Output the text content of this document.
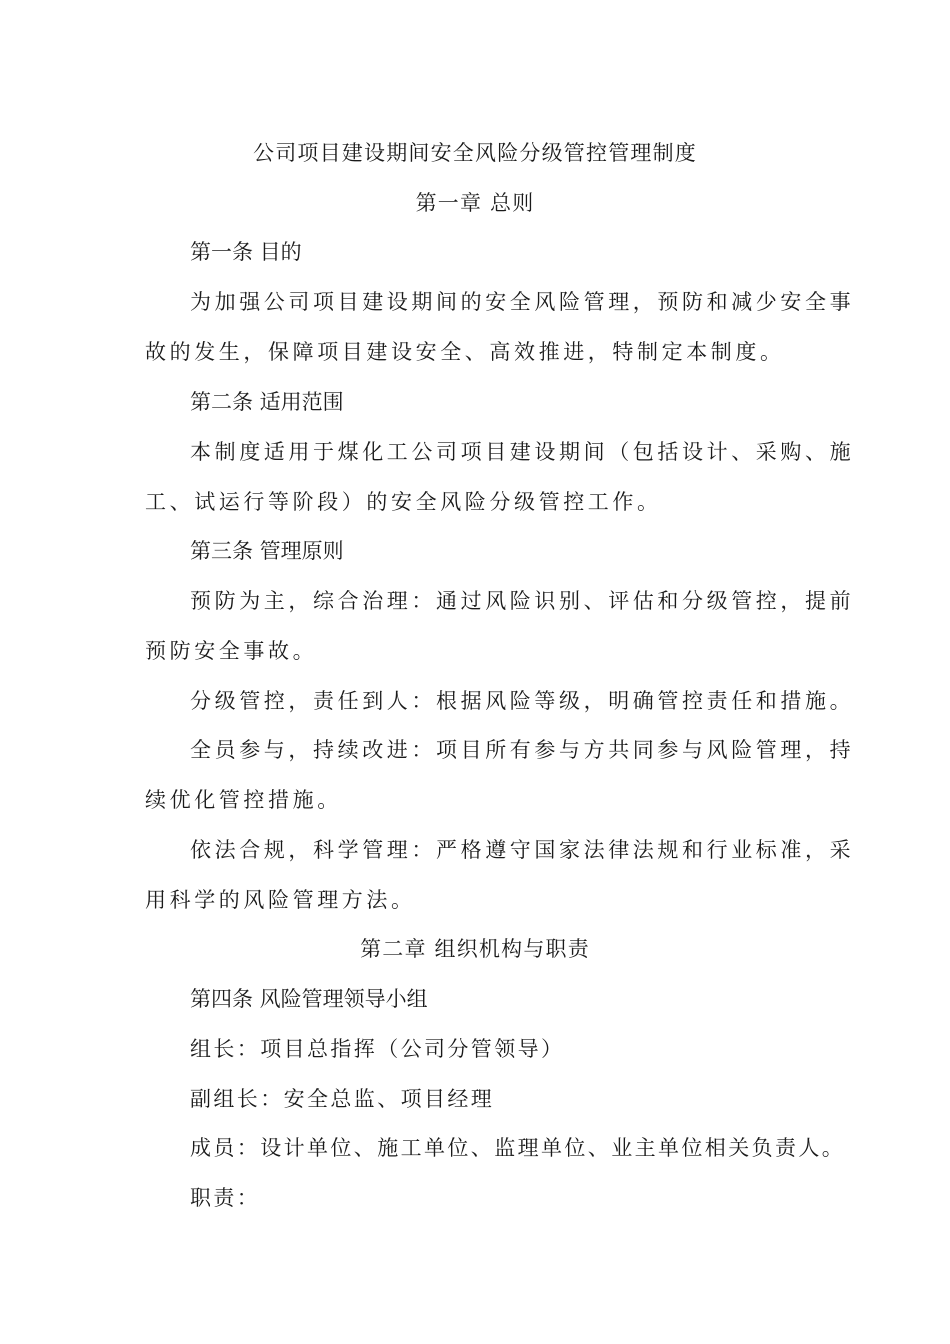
公司项目建设期间安全风险分级管控管理制度
第一章 总则
第一条 目的
为加强公司项目建设期间的安全风险管理，预防和减少安全事
故的发生，保障项目建设安全、高效推进，特制定本制度。
第二条 适用范围
本制度适用于煤化工公司项目建设期间（包括设计、采购、施
工、试运行等阶段）的安全风险分级管控工作。
第三条 管理原则
预防为主，综合治理：通过风险识别、评估和分级管控，提前
预防安全事故。
分级管控，责任到人：根据风险等级，明确管控责任和措施。
全员参与，持续改进：项目所有参与方共同参与风险管理，持
续优化管控措施。
依法合规，科学管理：严格遵守国家法律法规和行业标准，采
用科学的风险管理方法。
第二章 组织机构与职责
第四条 风险管理领导小组
组长：项目总指挥（公司分管领导）
副组长：安全总监、项目经理
成员：设计单位、施工单位、监理单位、业主单位相关负责人。
职责：
